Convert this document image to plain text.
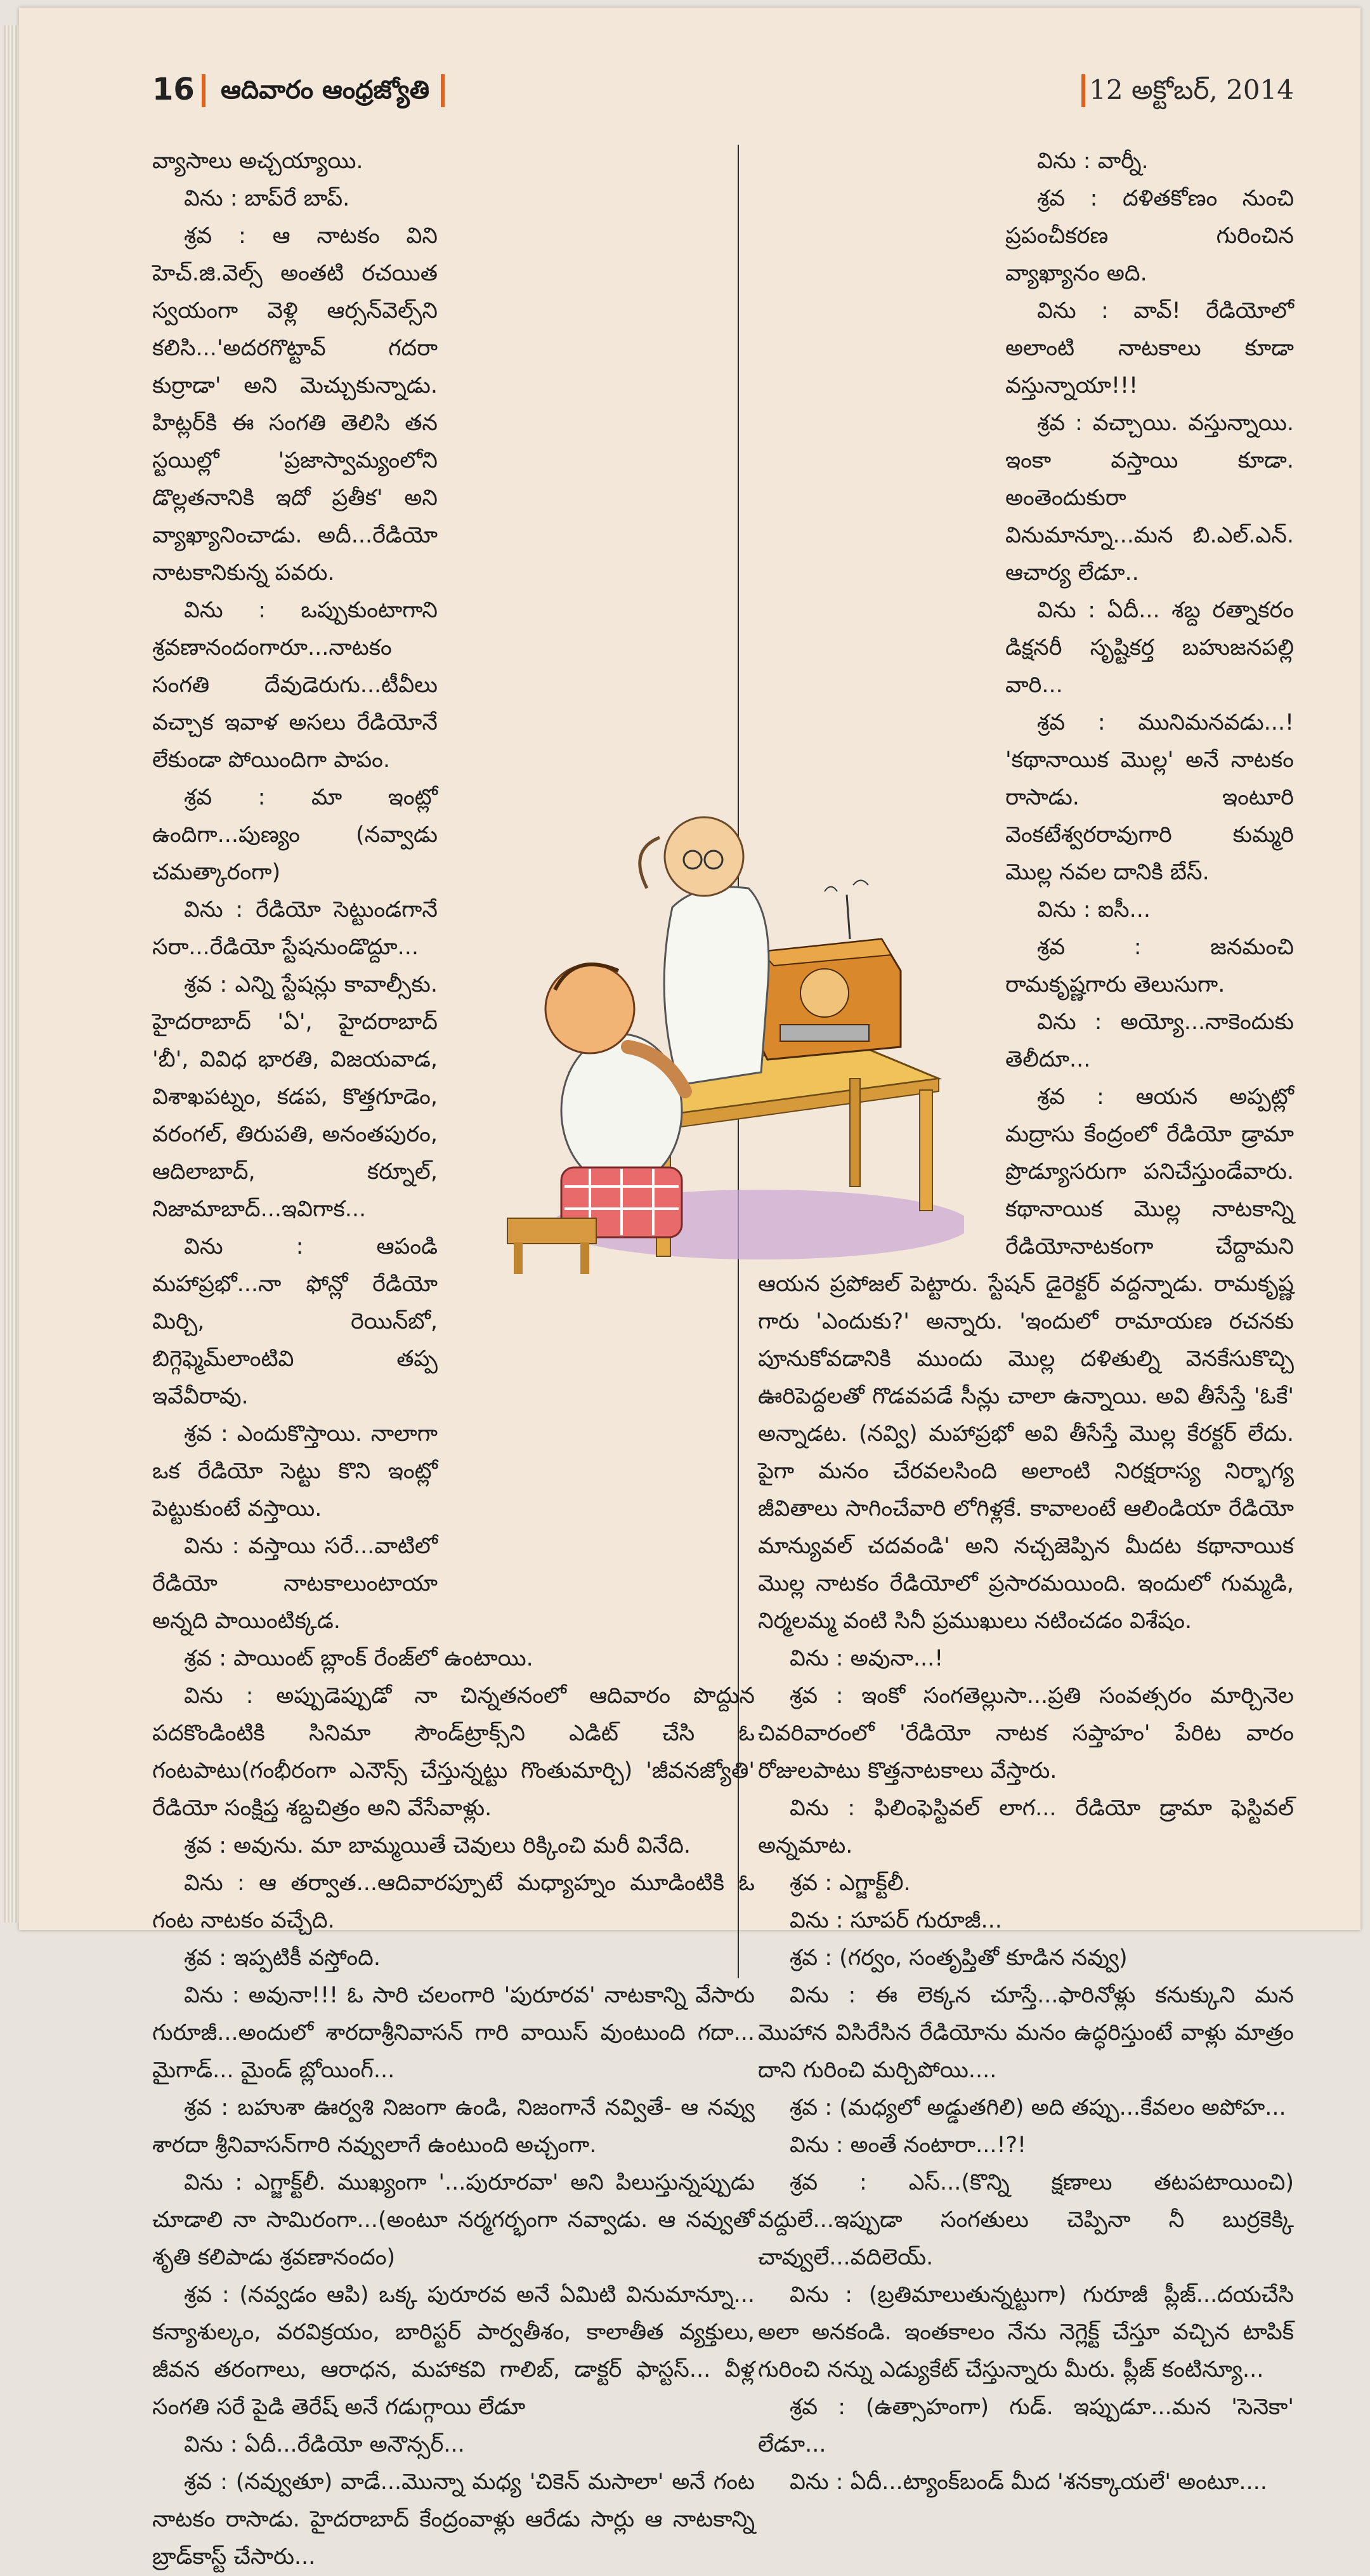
16 ఆదివారం ఆంధ్రజ్యోతి	12 అక్టోబర్, 2014

వ్యాసాలు అచ్చయ్యాయి.

విను : బాప్‌రే బాప్.

శ్రవ : ఆ నాటకం విని హెచ్.జి.వెల్స్ అంతటి రచయిత స్వయంగా వెళ్లి ఆర్సన్‌వెల్స్‌ని కలిసి...'అదరగొట్టావ్ గదరా కుర్రాడా' అని మెచ్చుకున్నాడు. హిట్లర్‌కి ఈ సంగతి తెలిసి తన స్టయిల్లో 'ప్రజాస్వామ్యంలోని డొల్లతనానికి ఇదో ప్రతీక' అని వ్యాఖ్యానించాడు. అదీ...రేడియో నాటకానికున్న పవరు.

విను : ఒప్పుకుంటాగాని శ్రవణానందంగారూ...నాటకం సంగతి దేవుడెరుగు...టీవీలు వచ్చాక ఇవాళ అసలు రేడియోనే లేకుండా పోయిందిగా పాపం.

శ్రవ : మా ఇంట్లో ఉందిగా...పుణ్యం (నవ్వాడు చమత్కారంగా)

విను : రేడియో సెట్టుండగానే సరా...రేడియో స్టేషనుండొద్దూ...

శ్రవ : ఎన్ని స్టేషన్లు కావాల్సీకు. హైదరాబాద్ 'ఏ', హైదరాబాద్ 'బీ', వివిధ భారతి, విజయవాడ, విశాఖపట్నం, కడప, కొత్తగూడెం, వరంగల్, తిరుపతి, అనంతపురం, ఆదిలాబాద్, కర్నూల్, నిజామాబాద్...ఇవిగాక...

విను : ఆపండి మహాప్రభో...నా ఫోన్లో రేడియో మిర్చి, రెయిన్‌బో, బిగ్గెఫ్మెమ్‌లాంటివి తప్ప ఇవేవీరావు.

శ్రవ : ఎందుకొస్తాయి. నాలాగా ఒక రేడియో సెట్టు కొని ఇంట్లో పెట్టుకుంటే వస్తాయి.

విను : వస్తాయి సరే...వాటిలో రేడియో నాటకాలుంటాయా అన్నది పాయింటిక్కడ.

శ్రవ : పాయింట్ బ్లాంక్ రేంజ్‌లో ఉంటాయి.

విను : అప్పుడెప్పుడో నా చిన్నతనంలో ఆదివారం పొద్దున పదకొండింటికి సినిమా సౌండ్‌ట్రాక్స్‌ని ఎడిట్ చేసి ఓ గంటపాటు(గంభీరంగా ఎనౌన్స్ చేస్తున్నట్టు గొంతుమార్చి) 'జీవనజ్యోతి' రేడియో సంక్షిప్త శబ్దచిత్రం అని వేసేవాళ్లు.

శ్రవ : అవును. మా బామ్మయితే చెవులు రిక్కించి మరీ వినేది.

విను : ఆ తర్వాత...ఆదివారప్పూటే మధ్యాహ్నం మూడింటికి ఓ గంట నాటకం వచ్చేది.

శ్రవ : ఇప్పటికీ వస్తోంది.

విను : అవునా!!! ఓ సారి చలంగారి 'పురూరవ' నాటకాన్ని వేసారు గురూజీ...అందులో శారదాశ్రీనివాసన్ గారి వాయిస్ వుంటుంది గదా... మైగాడ్... మైండ్ బ్లోయింగ్...

శ్రవ : బహుశా ఊర్వశి నిజంగా ఉండి, నిజంగానే నవ్వితే- ఆ నవ్వు శారదా శ్రీనివాసన్‌గారి నవ్వులాగే ఉంటుంది అచ్చంగా.

విను : ఎగ్జాక్ట్‌లీ. ముఖ్యంగా '...పురూరవా' అని పిలుస్తున్నప్పుడు చూడాలి నా సామిరంగా...(అంటూ నర్మగర్భంగా నవ్వాడు. ఆ నవ్వుతో శృతి కలిపాడు శ్రవణానందం)

శ్రవ : (నవ్వడం ఆపి) ఒక్క పురూరవ అనే ఏమిటి వినుమాన్నూ... కన్యాశుల్కం, వరవిక్రయం, బారిస్టర్ పార్వతీశం, కాలాతీత వ్యక్తులు, జీవన తరంగాలు, ఆరాధన, మహాకవి గాలిబ్, డాక్టర్ ఫాస్టస్... వీళ్ల సంగతి సరే పైడి తెరేష్ అనే గడుగ్గాయి లేడూ

విను : ఏదీ...రేడియో అనౌన్సర్...

శ్రవ : (నవ్వుతూ) వాడే...మొన్నా మధ్య 'చికెన్ మసాలా' అనే గంట నాటకం రాసాడు. హైదరాబాద్ కేంద్రంవాళ్లు ఆరేడు సార్లు ఆ నాటకాన్ని బ్రాడ్‌కాస్ట్ చేసారు...

విను : వార్నీ.

శ్రవ : దళితకోణం నుంచి ప్రపంచీకరణ గురించిన వ్యాఖ్యానం అది.

విను : వావ్! రేడియోలో అలాంటి నాటకాలు కూడా వస్తున్నాయా!!!

శ్రవ : వచ్చాయి. వస్తున్నాయి. ఇంకా వస్తాయి కూడా. అంతెందుకురా వినుమాన్నూ...మన బి.ఎల్.ఎన్. ఆచార్య లేడూ..

విను : ఏదీ... శబ్ద రత్నాకరం డిక్షనరీ సృష్టికర్త బహుజనపల్లి వారి...

శ్రవ : మునిమనవడు...! 'కథానాయిక మొల్ల' అనే నాటకం రాసాడు. ఇంటూరి వెంకటేశ్వరరావుగారి కుమ్మరి మొల్ల నవల దానికి బేస్.

విను : ఐసీ...

శ్రవ : జనమంచి రామకృష్ణగారు తెలుసుగా.

విను : అయ్యో...నాకెందుకు తెలీదూ...

శ్రవ : ఆయన అప్పట్లో మద్రాసు కేంద్రంలో రేడియో డ్రామా ప్రొడ్యూసరుగా పనిచేస్తుండేవారు. కథానాయిక మొల్ల నాటకాన్ని రేడియోనాటకంగా చేద్దామని ఆయన ప్రపోజల్ పెట్టారు. స్టేషన్ డైరెక్టర్ వద్దన్నాడు. రామకృష్ణ గారు 'ఎందుకు?' అన్నారు. 'ఇందులో రామాయణ రచనకు పూనుకోవడానికి ముందు మొల్ల దళితుల్ని వెనకేసుకొచ్చి ఊరిపెద్దలతో గొడవపడే సీన్లు చాలా ఉన్నాయి. అవి తీసేస్తే 'ఓకే' అన్నాడట. (నవ్వి) మహాప్రభో అవి తీసేస్తే మొల్ల కేరక్టర్ లేదు. పైగా మనం చేరవలసింది అలాంటి నిరక్షరాస్య నిర్భాగ్య జీవితాలు సాగించేవారి లోగిళ్లకే. కావాలంటే ఆలిండియా రేడియో మాన్యువల్ చదవండి' అని నచ్చజెప్పిన మీదట కథానాయిక మొల్ల నాటకం రేడియోలో ప్రసారమయింది. ఇందులో గుమ్మడి, నిర్మలమ్మ వంటి సినీ ప్రముఖులు నటించడం విశేషం.

విను : అవునా...!

శ్రవ : ఇంకో సంగతెల్లుసా...ప్రతి సంవత్సరం మార్చినెల చివరివారంలో 'రేడియో నాటక సప్తాహం' పేరిట వారం రోజులపాటు కొత్తనాటకాలు వేస్తారు.

విను : ఫిలింఫెస్టివల్ లాగ... రేడియో డ్రామా ఫెస్టివల్ అన్నమాట.

శ్రవ : ఎగ్జాక్ట్‌లీ.

విను : సూపర్ గురూజీ...

శ్రవ : (గర్వం, సంతృప్తితో కూడిన నవ్వు)

విను : ఈ లెక్కన చూస్తే...ఫారినోళ్లు కనుక్కుని మన మొహాన విసిరేసిన రేడియోను మనం ఉద్ధరిస్తుంటే వాళ్లు మాత్రం దాని గురించి మర్చిపోయి....

శ్రవ : (మధ్యలో అడ్డుతగిలి) అది తప్పు...కేవలం అపోహ...

విను : అంతే నంటారా...!?!

శ్రవ : ఎస్...(కొన్ని క్షణాలు తటపటాయించి) వద్దులే...ఇప్పుడా సంగతులు చెప్పినా నీ బుర్రకెక్కి చావ్వులే...వదిలెయ్.

విను : (బ్రతిమాలుతున్నట్టుగా) గురూజీ ప్లీజ్...దయచేసి అలా అనకండి. ఇంతకాలం నేను నెగ్లెక్ట్ చేస్తూ వచ్చిన టాపిక్ గురించి నన్ను ఎడ్యుకేట్ చేస్తున్నారు మీరు. ప్లీజ్ కంటిన్యూ...

శ్రవ : (ఉత్సాహంగా) గుడ్. ఇప్పుడూ...మన 'సెనెకా' లేడూ...

విను : ఏదీ...ట్యాంక్‌బండ్ మీద 'శనక్కాయలే' అంటూ....
